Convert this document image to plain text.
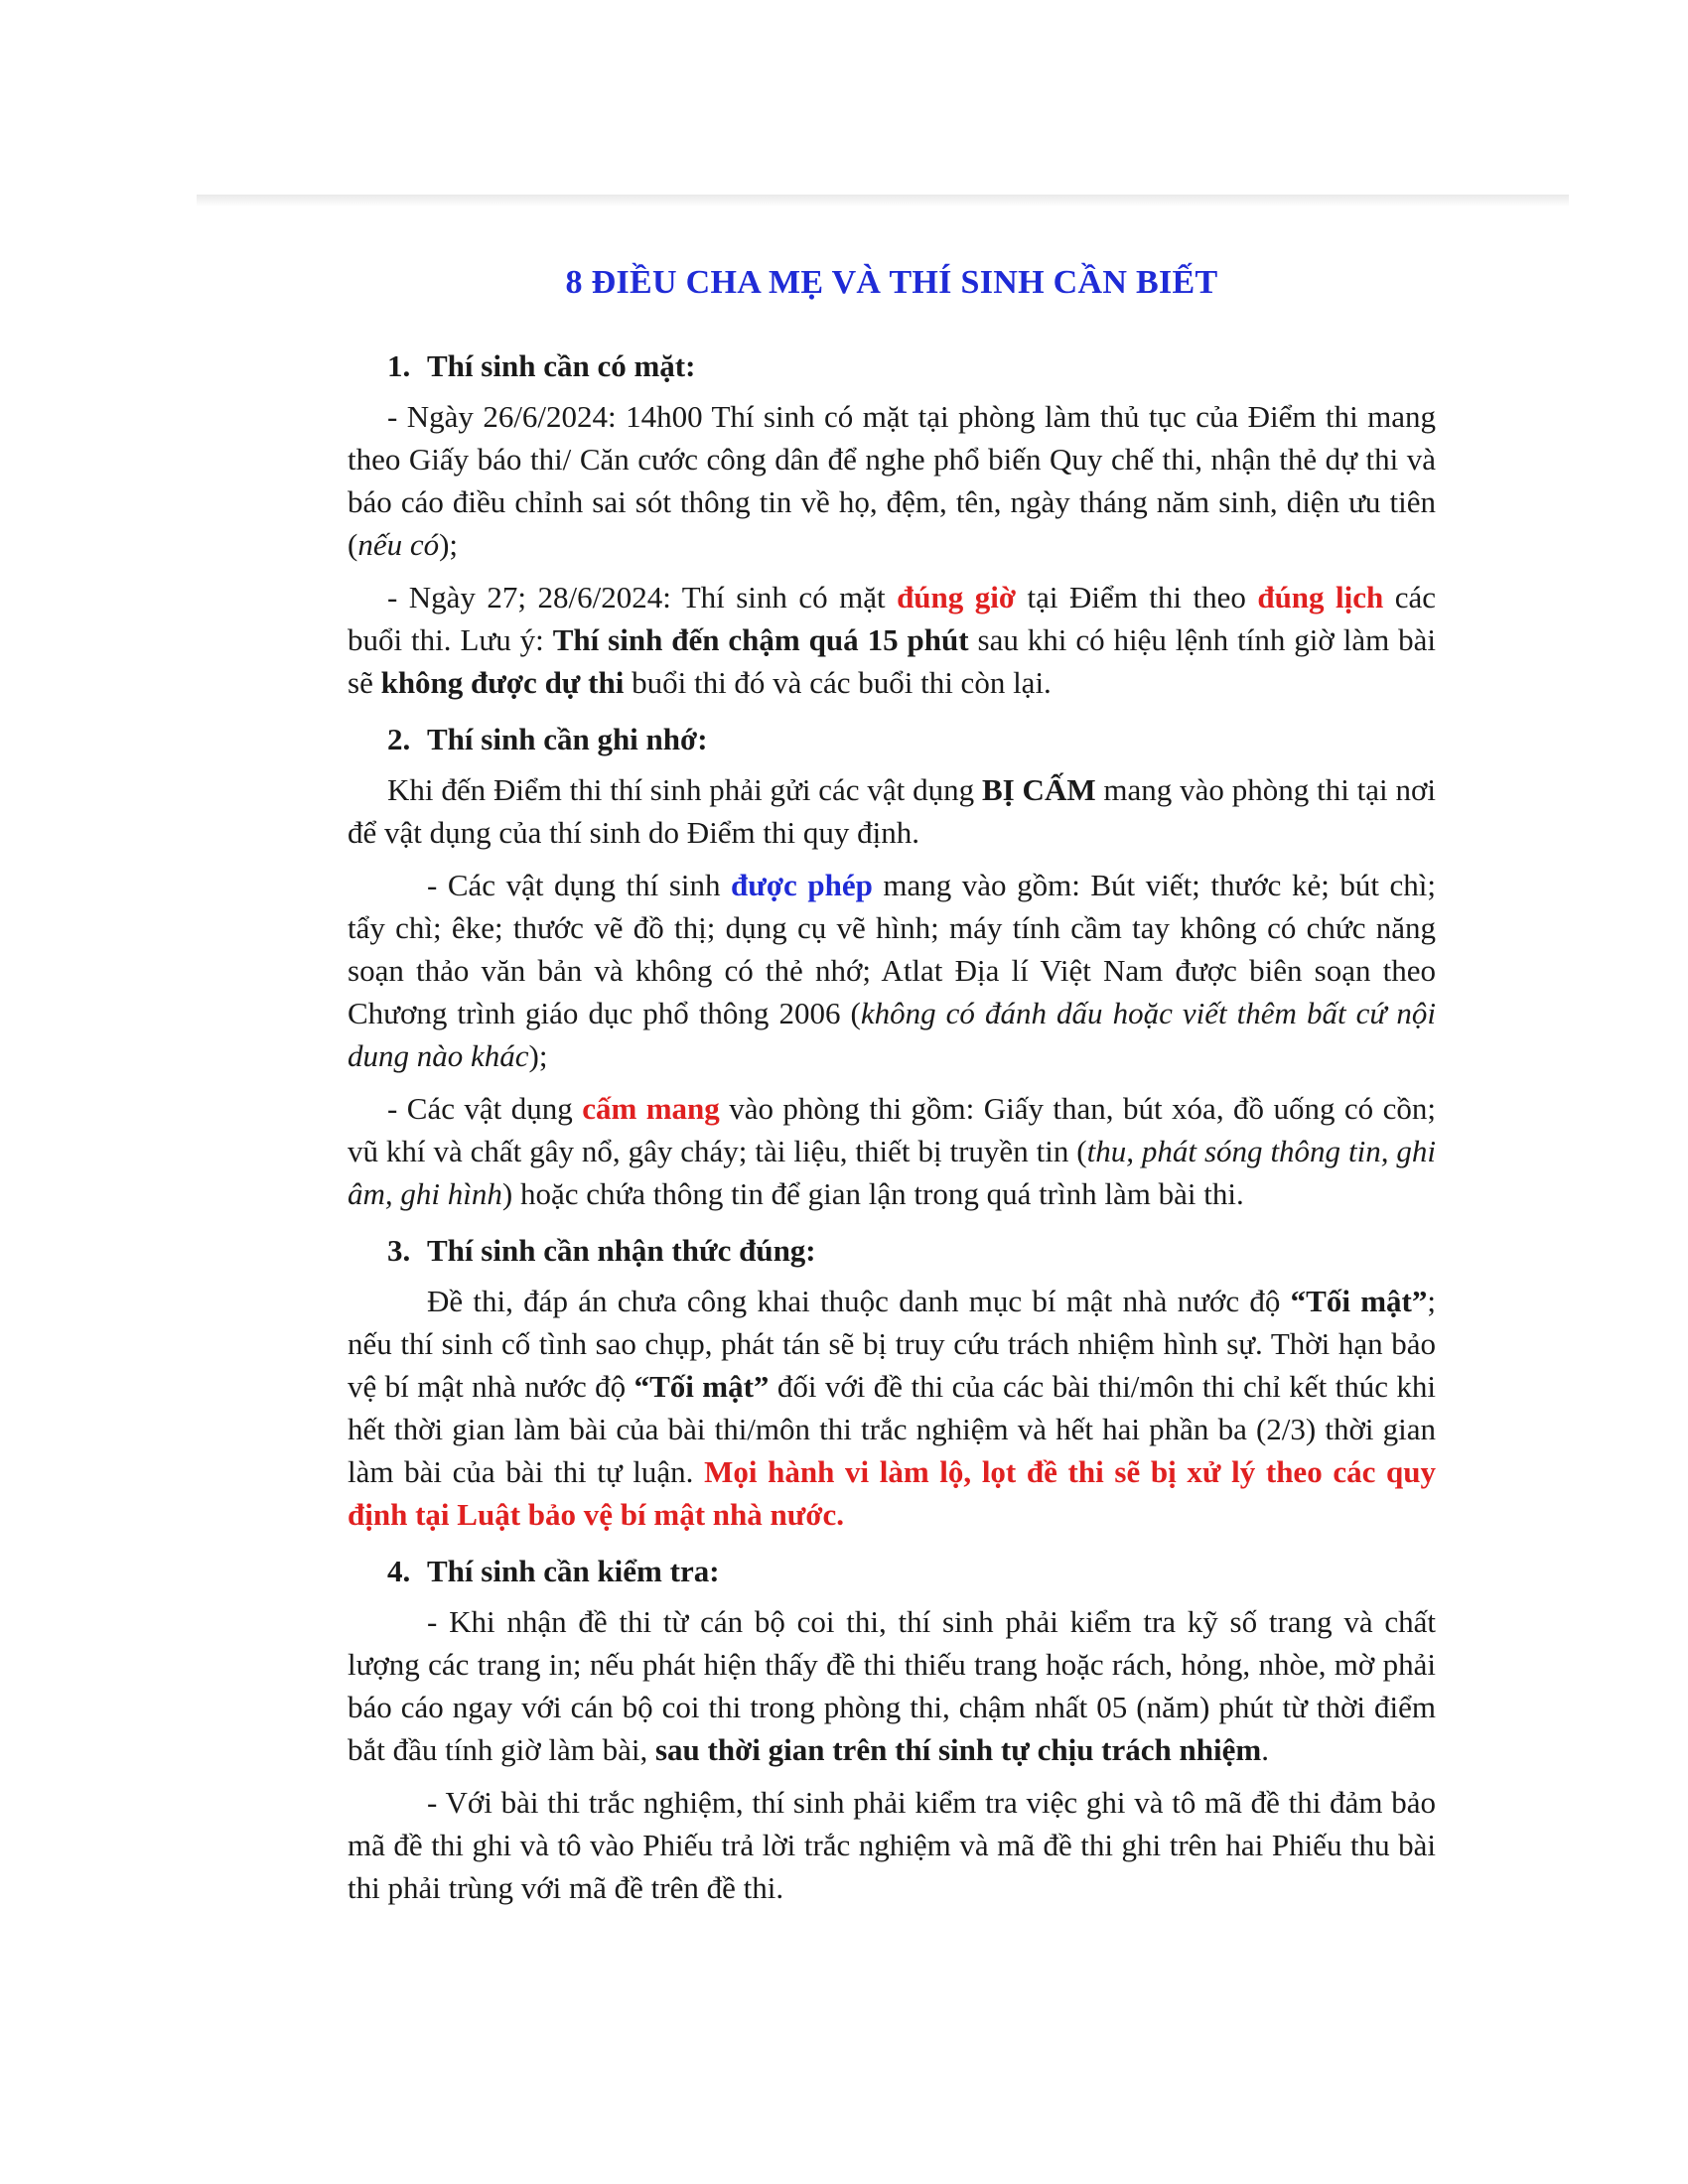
8 ĐIỀU CHA MẸ VÀ THÍ SINH CẦN BIẾT
1. Thí sinh cần có mặt:

- Ngày 26/6/2024: 14h00 Thí sinh có mặt tại phòng làm thủ tục của Điểm thi mang theo Giấy báo thi/ Căn cước công dân để nghe phổ biến Quy chế thi, nhận thẻ dự thi và báo cáo điều chỉnh sai sót thông tin về họ, đệm, tên, ngày tháng năm sinh, diện ưu tiên (nếu có);

- Ngày 27; 28/6/2024: Thí sinh có mặt đúng giờ tại Điểm thi theo đúng lịch các buổi thi. Lưu ý: Thí sinh đến chậm quá 15 phút sau khi có hiệu lệnh tính giờ làm bài sẽ không được dự thi buổi thi đó và các buổi thi còn lại.

2. Thí sinh cần ghi nhớ:

Khi đến Điểm thi thí sinh phải gửi các vật dụng BỊ CẤM mang vào phòng thi tại nơi để vật dụng của thí sinh do Điểm thi quy định.

- Các vật dụng thí sinh được phép mang vào gồm: Bút viết; thước kẻ; bút chì; tẩy chì; êke; thước vẽ đồ thị; dụng cụ vẽ hình; máy tính cầm tay không có chức năng soạn thảo văn bản và không có thẻ nhớ; Atlat Địa lí Việt Nam được biên soạn theo Chương trình giáo dục phổ thông 2006 (không có đánh dấu hoặc viết thêm bất cứ nội dung nào khác);

- Các vật dụng cấm mang vào phòng thi gồm: Giấy than, bút xóa, đồ uống có cồn; vũ khí và chất gây nổ, gây cháy; tài liệu, thiết bị truyền tin (thu, phát sóng thông tin, ghi âm, ghi hình) hoặc chứa thông tin để gian lận trong quá trình làm bài thi.

3. Thí sinh cần nhận thức đúng:

Đề thi, đáp án chưa công khai thuộc danh mục bí mật nhà nước độ “Tối mật”; nếu thí sinh cố tình sao chụp, phát tán sẽ bị truy cứu trách nhiệm hình sự. Thời hạn bảo vệ bí mật nhà nước độ “Tối mật” đối với đề thi của các bài thi/môn thi chỉ kết thúc khi hết thời gian làm bài của bài thi/môn thi trắc nghiệm và hết hai phần ba (2/3) thời gian làm bài của bài thi tự luận. Mọi hành vi làm lộ, lọt đề thi sẽ bị xử lý theo các quy định tại Luật bảo vệ bí mật nhà nước.

4. Thí sinh cần kiểm tra:

- Khi nhận đề thi từ cán bộ coi thi, thí sinh phải kiểm tra kỹ số trang và chất lượng các trang in; nếu phát hiện thấy đề thi thiếu trang hoặc rách, hỏng, nhòe, mờ phải báo cáo ngay với cán bộ coi thi trong phòng thi, chậm nhất 05 (năm) phút từ thời điểm bắt đầu tính giờ làm bài, sau thời gian trên thí sinh tự chịu trách nhiệm.

- Với bài thi trắc nghiệm, thí sinh phải kiểm tra việc ghi và tô mã đề thi đảm bảo mã đề thi ghi và tô vào Phiếu trả lời trắc nghiệm và mã đề thi ghi trên hai Phiếu thu bài thi phải trùng với mã đề trên đề thi.
